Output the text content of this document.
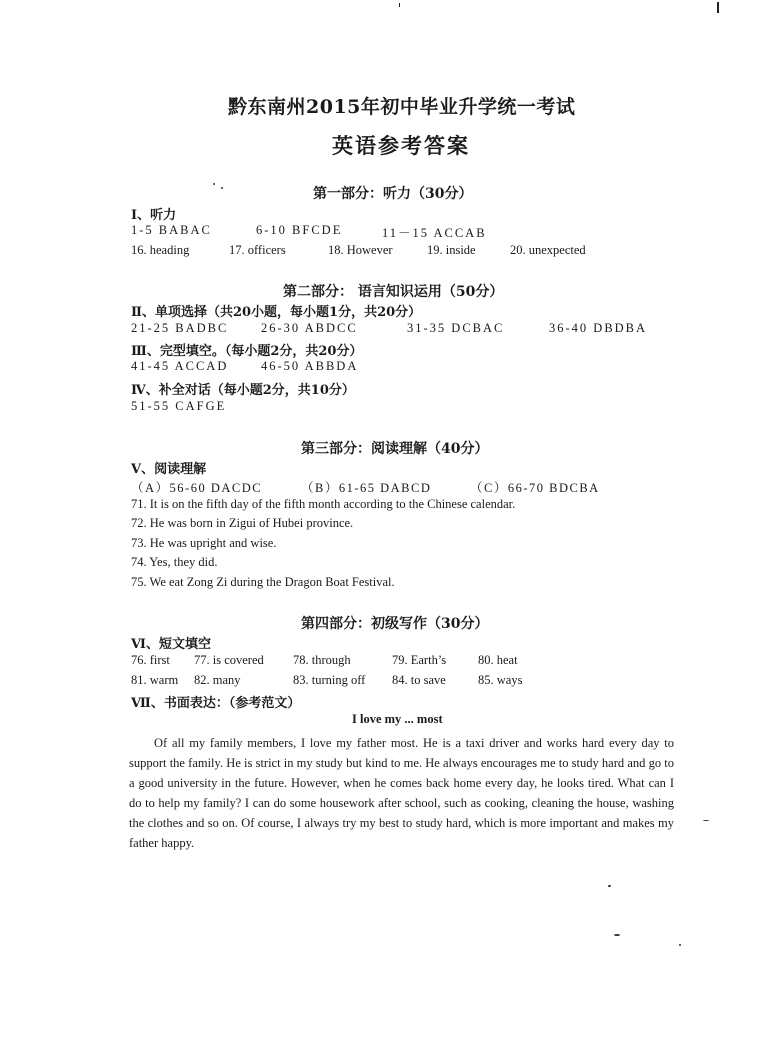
黔东南州2015年初中毕业升学统一考试
英语参考答案
第一部分：听力（30分）
Ⅰ、听力
1-5 BABAC	6-10 BFCDE	11－15 ACCAB
16. heading	17. officers	18. However	19. inside	20. unexpected
第二部分： 语言知识运用（50分）
Ⅱ、单项选择（共20小题，每小题1分，共20分）
21-25 BADBC	26-30 ABDCC	31-35 DCBAC	36-40 DBDBA
Ⅲ、完型填空。（每小题2分，共20分）
41-45 ACCAD	46-50 ABBDA
Ⅳ、补全对话（每小题2分，共10分）
51-55 CAFGE
第三部分：阅读理解（40分）
Ⅴ、阅读理解
（A）56-60 DACDC	（B）61-65 DABCD	（C）66-70 BDCBA
71. It is on the fifth day of the fifth month according to the Chinese calendar.
72. He was born in Zigui of Hubei province.
73. He was upright and wise.
74. Yes, they did.
75. We eat Zong Zi during the Dragon Boat Festival.
第四部分：初级写作（30分）
Ⅵ、短文填空
76. first 77. is covered 78. through	79. Earth’s	80. heat
81. warm 82. many	83. turning off 84. to save	85. ways
Ⅶ、书面表达：（参考范文）
I love my ... most
Of all my family members, I love my father most. He is a taxi driver and works hard every day to support the family. He is strict in my study but kind to me. He always encourages me to study hard and go to a good university in the future. However, when he comes back home every day, he looks tired. What can I do to help my family? I can do some housework after school, such as cooking, cleaning the house, washing the clothes and so on. Of course, I always try my best to study hard, which is more important and makes my father happy.
